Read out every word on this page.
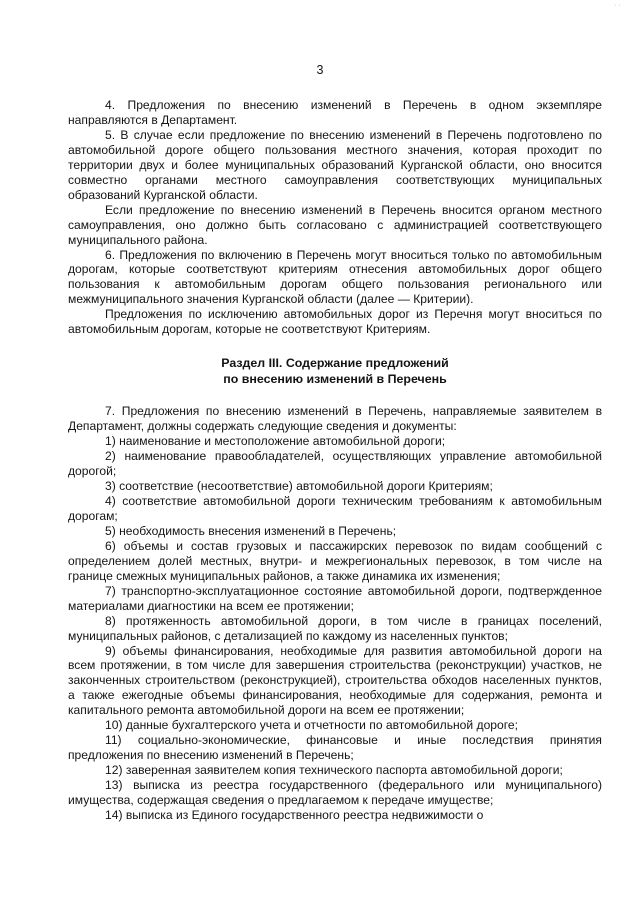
· ·
3

4. Предложения по внесению изменений в Перечень в одном экземпляре направляются в Департамент.

5. В случае если предложение по внесению изменений в Перечень подготовлено по автомобильной дороге общего пользования местного значения, которая проходит по территории двух и более муниципальных образований Курганской области, оно вносится совместно органами местного самоуправления соответствующих муниципальных образований Курганской области.

Если предложение по внесению изменений в Перечень вносится органом местного самоуправления, оно должно быть согласовано с администрацией соответствующего муниципального района.

6. Предложения по включению в Перечень могут вноситься только по автомобильным дорогам, которые соответствуют критериям отнесения автомобильных дорог общего пользования к автомобильным дорогам общего пользования регионального или межмуниципального значения Курганской области (далее — Критерии).

Предложения по исключению автомобильных дорог из Перечня могут вноситься по автомобильным дорогам, которые не соответствуют Критериям.

Раздел III. Содержание предложений
по внесению изменений в Перечень

7. Предложения по внесению изменений в Перечень, направляемые заявителем в Департамент, должны содержать следующие сведения и документы:

1) наименование и местоположение автомобильной дороги;

2) наименование правообладателей, осуществляющих управление автомобильной дорогой;

3) соответствие (несоответствие) автомобильной дороги Критериям;

4) соответствие автомобильной дороги техническим требованиям к автомобильным дорогам;

5) необходимость внесения изменений в Перечень;

6) объемы и состав грузовых и пассажирских перевозок по видам сообщений с определением долей местных, внутри- и межрегиональных перевозок, в том числе на границе смежных муниципальных районов, а также динамика их изменения;

7) транспортно-эксплуатационное состояние автомобильной дороги, подтвержденное материалами диагностики на всем ее протяжении;

8) протяженность автомобильной дороги, в том числе в границах поселений, муниципальных районов, с детализацией по каждому из населенных пунктов;

9) объемы финансирования, необходимые для развития автомобильной дороги на всем протяжении, в том числе для завершения строительства (реконструкции) участков, не законченных строительством (реконструкцией), строительства обходов населенных пунктов, а также ежегодные объемы финансирования, необходимые для содержания, ремонта и капитального ремонта автомобильной дороги на всем ее протяжении;

10) данные бухгалтерского учета и отчетности по автомобильной дороге;

11) социально-экономические, финансовые и иные последствия принятия предложения по внесению изменений в Перечень;

12) заверенная заявителем копия технического паспорта автомобильной дороги;

13) выписка из реестра государственного (федерального или муниципального) имущества, содержащая сведения о предлагаемом к передаче имуществе;

14) выписка из Единого государственного реестра недвижимости о
